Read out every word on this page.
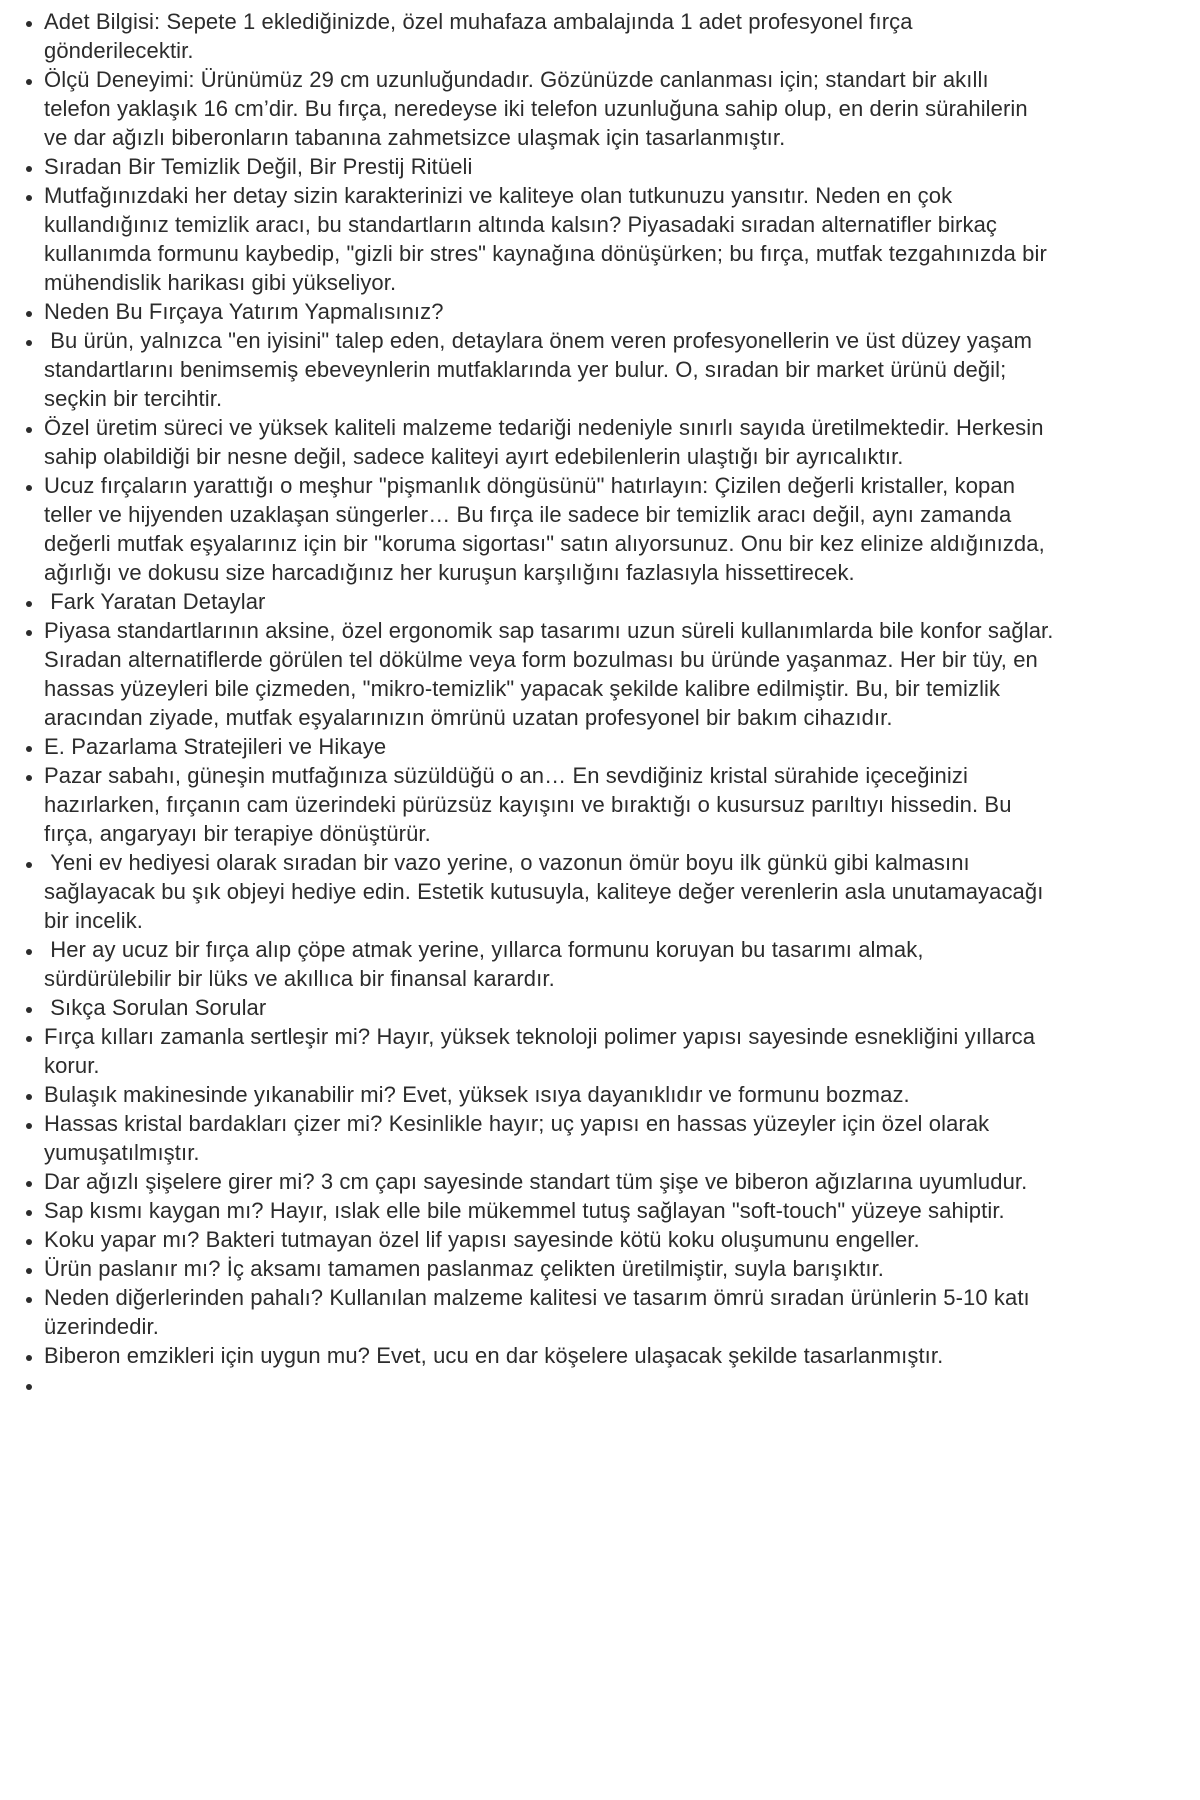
• Adet Bilgisi: Sepete 1 eklediğinizde, özel muhafaza ambalajında 1 adet profesyonel fırça gönderilecektir.
• Ölçü Deneyimi: Ürünümüz 29 cm uzunluğundadır. Gözünüzde canlanması için; standart bir akıllı telefon yaklaşık 16 cm’dir. Bu fırça, neredeyse iki telefon uzunluğuna sahip olup, en derin sürahilerin ve dar ağızlı biberonların tabanına zahmetsizce ulaşmak için tasarlanmıştır.
• Sıradan Bir Temizlik Değil, Bir Prestij Ritüeli
• Mutfağınızdaki her detay sizin karakterinizi ve kaliteye olan tutkunuzu yansıtır. Neden en çok kullandığınız temizlik aracı, bu standartların altında kalsın? Piyasadaki sıradan alternatifler birkaç kullanımda formunu kaybedip, "gizli bir stres" kaynağına dönüşürken; bu fırça, mutfak tezgahınızda bir mühendislik harikası gibi yükseliyor.
• Neden Bu Fırçaya Yatırım Yapmalısınız?
•  Bu ürün, yalnızca "en iyisini" talep eden, detaylara önem veren profesyonellerin ve üst düzey yaşam standartlarını benimsemiş ebeveynlerin mutfaklarında yer bulur. O, sıradan bir market ürünü değil; seçkin bir tercihtir.
• Özel üretim süreci ve yüksek kaliteli malzeme tedariği nedeniyle sınırlı sayıda üretilmektedir. Herkesin sahip olabildiği bir nesne değil, sadece kaliteyi ayırt edebilenlerin ulaştığı bir ayrıcalıktır.
• Ucuz fırçaların yarattığı o meşhur "pişmanlık döngüsünü" hatırlayın: Çizilen değerli kristaller, kopan teller ve hijyenden uzaklaşan süngerler… Bu fırça ile sadece bir temizlik aracı değil, aynı zamanda değerli mutfak eşyalarınız için bir "koruma sigortası" satın alıyorsunuz. Onu bir kez elinize aldığınızda, ağırlığı ve dokusu size harcadığınız her kuruşun karşılığını fazlasıyla hissettirecek.
•  Fark Yaratan Detaylar
• Piyasa standartlarının aksine, özel ergonomik sap tasarımı uzun süreli kullanımlarda bile konfor sağlar. Sıradan alternatiflerde görülen tel dökülme veya form bozulması bu üründe yaşanmaz. Her bir tüy, en hassas yüzeyleri bile çizmeden, "mikro-temizlik" yapacak şekilde kalibre edilmiştir. Bu, bir temizlik aracından ziyade, mutfak eşyalarınızın ömrünü uzatan profesyonel bir bakım cihazıdır.
• E. Pazarlama Stratejileri ve Hikaye
• Pazar sabahı, güneşin mutfağınıza süzüldüğü o an… En sevdiğiniz kristal sürahide içeceğinizi hazırlarken, fırçanın cam üzerindeki pürüzsüz kayışını ve bıraktığı o kusursuz parıltıyı hissedin. Bu fırça, angaryayı bir terapiye dönüştürür.
•  Yeni ev hediyesi olarak sıradan bir vazo yerine, o vazonun ömür boyu ilk günkü gibi kalmasını sağlayacak bu şık objeyi hediye edin. Estetik kutusuyla, kaliteye değer verenlerin asla unutamayacağı bir incelik.
•  Her ay ucuz bir fırça alıp çöpe atmak yerine, yıllarca formunu koruyan bu tasarımı almak, sürdürülebilir bir lüks ve akıllıca bir finansal karardır.
•  Sıkça Sorulan Sorular
• Fırça kılları zamanla sertleşir mi? Hayır, yüksek teknoloji polimer yapısı sayesinde esnekliğini yıllarca korur.
• Bulaşık makinesinde yıkanabilir mi? Evet, yüksek ısıya dayanıklıdır ve formunu bozmaz.
• Hassas kristal bardakları çizer mi? Kesinlikle hayır; uç yapısı en hassas yüzeyler için özel olarak yumuşatılmıştır.
• Dar ağızlı şişelere girer mi? 3 cm çapı sayesinde standart tüm şişe ve biberon ağızlarına uyumludur.
• Sap kısmı kaygan mı? Hayır, ıslak elle bile mükemmel tutuş sağlayan "soft-touch" yüzeye sahiptir.
• Koku yapar mı? Bakteri tutmayan özel lif yapısı sayesinde kötü koku oluşumunu engeller.
• Ürün paslanır mı? İç aksamı tamamen paslanmaz çelikten üretilmiştir, suyla barışıktır.
• Neden diğerlerinden pahalı? Kullanılan malzeme kalitesi ve tasarım ömrü sıradan ürünlerin 5-10 katı üzerindedir.
• Biberon emzikleri için uygun mu? Evet, ucu en dar köşelere ulaşacak şekilde tasarlanmıştır.
•
